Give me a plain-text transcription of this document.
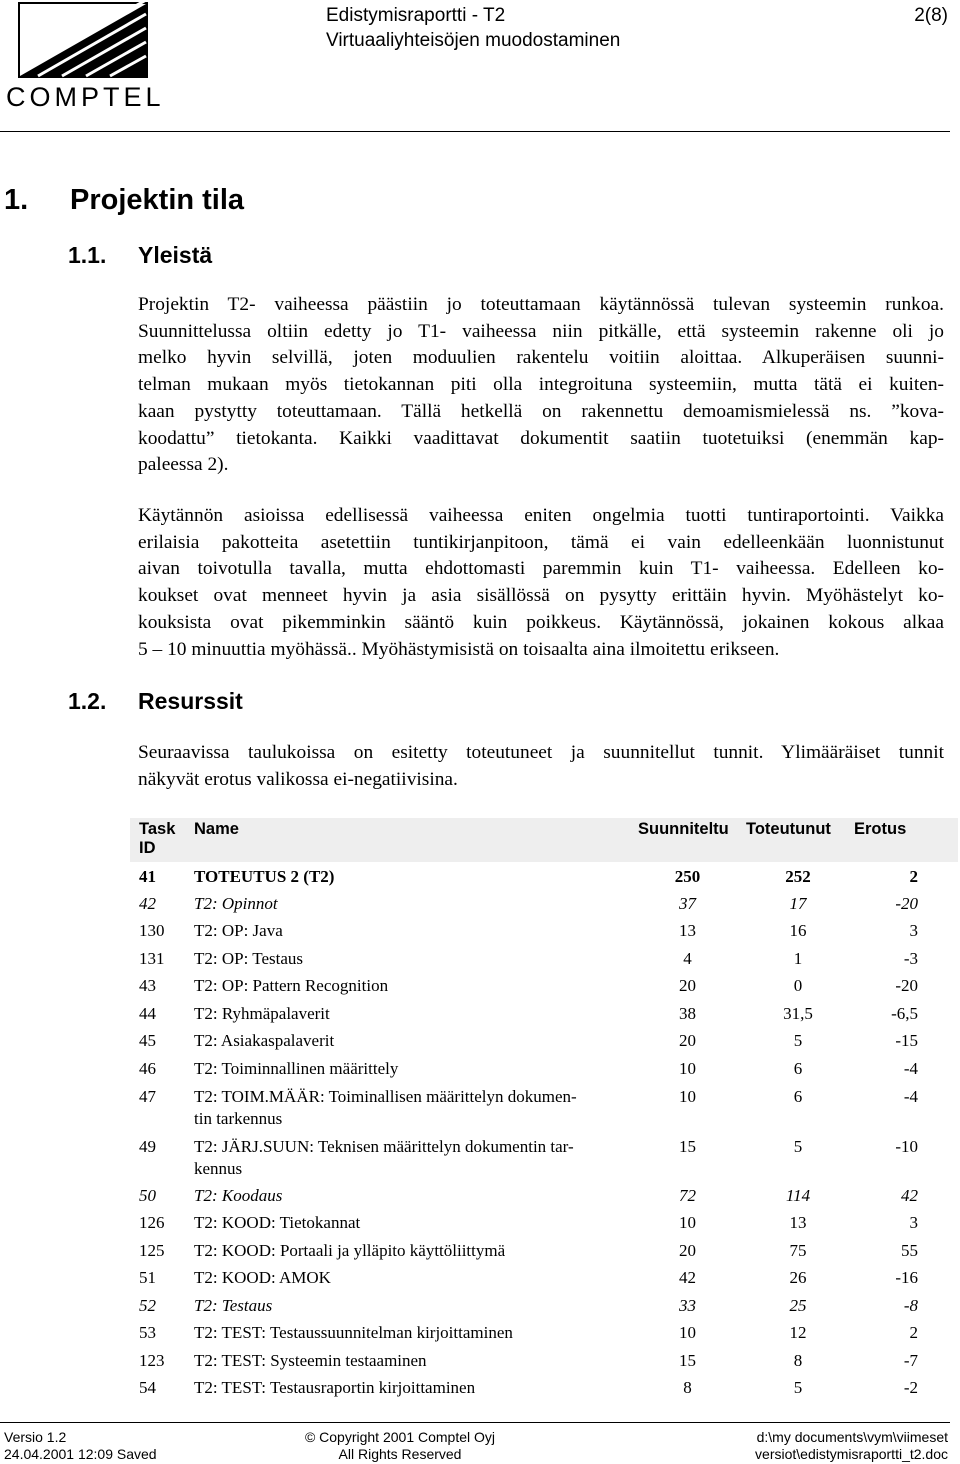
COMPTEL
Edistymisraportti - T2
Virtuaaliyhteisöjen muodostaminen
2(8)
1. Projektin tila
1.1. Yleistä
Projektin T2- vaiheessa päästiin jo toteuttamaan käytännössä tulevan systeemin runkoa.
Suunnittelussa oltiin edetty jo T1- vaiheessa niin pitkälle, että systeemin rakenne oli jo
melko hyvin selvillä, joten moduulien rakentelu voitiin aloittaa. Alkuperäisen suunni-
telman mukaan myös tietokannan piti olla integroituna systeemiin, mutta tätä ei kuiten-
kaan pystytty toteuttamaan. Tällä hetkellä on rakennettu demoamismielessä ns. ”kova-
koodattu” tietokanta. Kaikki vaadittavat dokumentit saatiin tuotetuiksi (enemmän kap-
paleessa 2).
Käytännön asioissa edellisessä vaiheessa eniten ongelmia tuotti tuntiraportointi. Vaikka
erilaisia pakotteita asetettiin tuntikirjanpitoon, tämä ei vain edelleenkään luonnistunut
aivan toivotulla tavalla, mutta ehdottomasti paremmin kuin T1- vaiheessa. Edelleen ko-
koukset ovat menneet hyvin ja asia sisällössä on pysytty erittäin hyvin. Myöhästelyt ko-
kouksista ovat pikemminkin sääntö kuin poikkeus. Käytännössä, jokainen kokous alkaa
5 – 10 minuuttia myöhässä.. Myöhästymisistä on toisaalta aina ilmoitettu erikseen.
1.2. Resurssit
Seuraavissa taulukoissa on esitetty toteutuneet ja suunnitellut tunnit. Ylimääräiset tunnit
näkyvät erotus valikossa ei-negatiivisina.
Task
ID
Name	Suunniteltu Toteutunut Erotus
41 TOTEUTUS 2 (T2)	250	252	2
42 T2: Opinnot	37	17	-20
130 T2: OP: Java	13	16	3
131 T2: OP: Testaus	4	1	-3
43 T2: OP: Pattern Recognition	20	0	-20
44 T2: Ryhmäpalaverit	38	31,5	-6,5
45 T2: Asiakaspalaverit	20	5	-15
46 T2: Toiminnallinen määrittely	10	6	-4
47 T2: TOIM.MÄÄR: Toiminallisen määrittelyn dokumen-
tin tarkennus
10	6	-4
49 T2: JÄRJ.SUUN: Teknisen määrittelyn dokumentin tar-
kennus
15	5	-10
50 T2: Koodaus	72	114	42
126 T2: KOOD: Tietokannat	10	13	3
125 T2: KOOD: Portaali ja ylläpito käyttöliittymä	20	75	55
51 T2: KOOD: AMOK	42	26	-16
52 T2: Testaus	33	25	-8
53 T2: TEST: Testaussuunnitelman kirjoittaminen	10	12	2
123 T2: TEST: Systeemin testaaminen	15	8	-7
54 T2: TEST: Testausraportin kirjoittaminen	8	5	-2
Versio 1.2
24.04.2001 12:09 Saved
© Copyright 2001 Comptel Oyj
All Rights Reserved
d:\my documents\vym\viimeset
versiot\edistymisraportti_t2.doc
